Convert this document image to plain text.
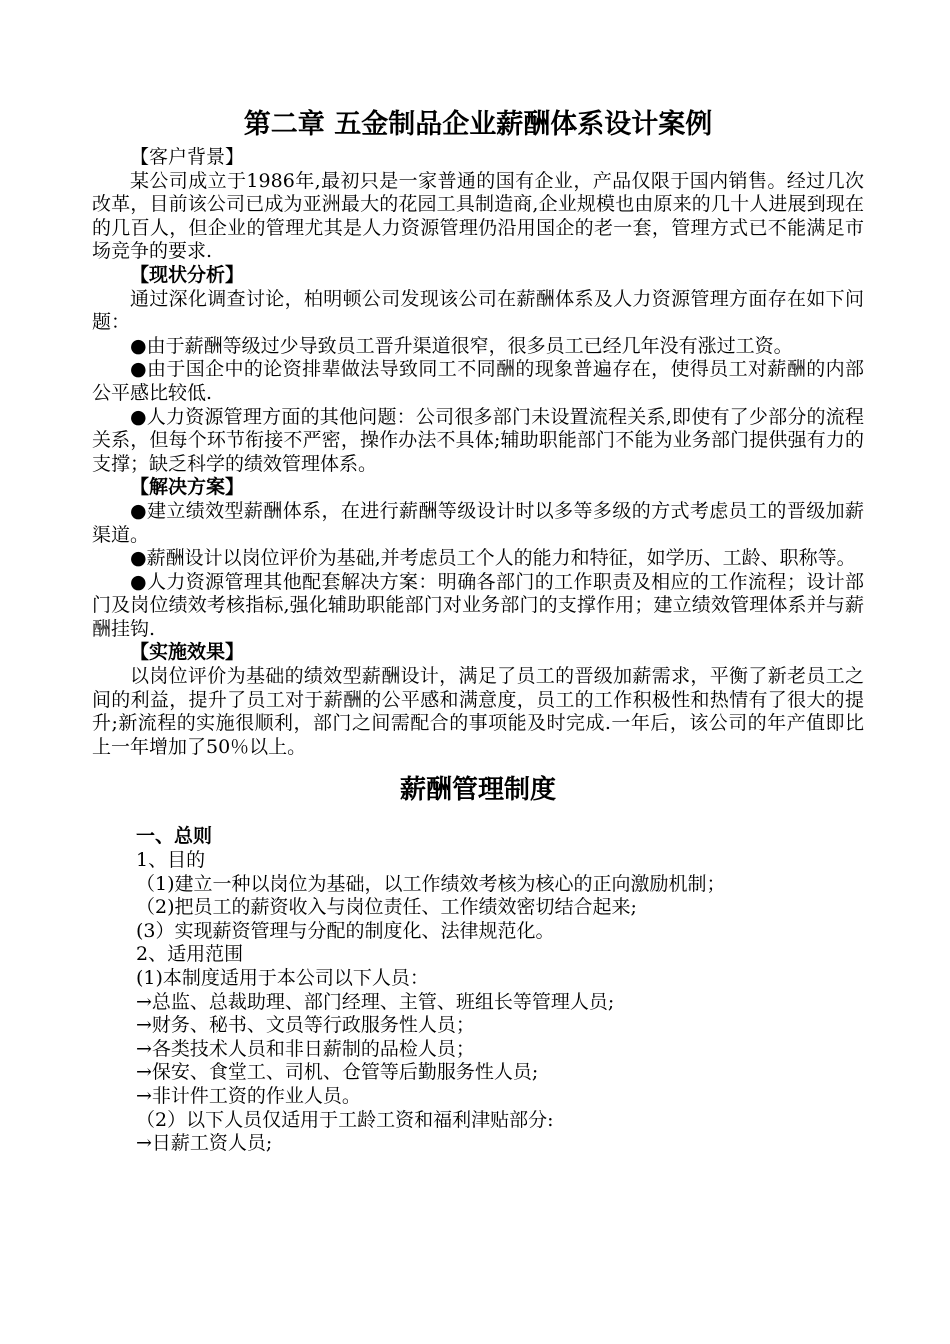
第二章 五金制品企业薪酬体系设计案例

【客户背景】

某公司成立于1986年,最初只是一家普通的国有企业，产品仅限于国内销售。经过几次改革，目前该公司已成为亚洲最大的花园工具制造商,企业规模也由原来的几十人进展到现在的几百人，但企业的管理尤其是人力资源管理仍沿用国企的老一套，管理方式已不能满足市场竞争的要求.

【现状分析】

通过深化调查讨论，柏明顿公司发现该公司在薪酬体系及人力资源管理方面存在如下问题：

●由于薪酬等级过少导致员工晋升渠道很窄，很多员工已经几年没有涨过工资。

●由于国企中的论资排辈做法导致同工不同酬的现象普遍存在，使得员工对薪酬的内部公平感比较低.

●人力资源管理方面的其他问题：公司很多部门未设置流程关系,即使有了少部分的流程关系，但每个环节衔接不严密，操作办法不具体;辅助职能部门不能为业务部门提供强有力的支撑；缺乏科学的绩效管理体系。

【解决方案】

●建立绩效型薪酬体系，在进行薪酬等级设计时以多等多级的方式考虑员工的晋级加薪渠道。

●薪酬设计以岗位评价为基础,并考虑员工个人的能力和特征，如学历、工龄、职称等。

●人力资源管理其他配套解决方案：明确各部门的工作职责及相应的工作流程；设计部门及岗位绩效考核指标,强化辅助职能部门对业务部门的支撑作用；建立绩效管理体系并与薪酬挂钩.

【实施效果】

以岗位评价为基础的绩效型薪酬设计，满足了员工的晋级加薪需求，平衡了新老员工之间的利益，提升了员工对于薪酬的公平感和满意度，员工的工作积极性和热情有了很大的提升;新流程的实施很顺利，部门之间需配合的事项能及时完成.一年后，该公司的年产值即比上一年增加了50％以上。

薪酬管理制度

一、总则

1、目的

（1)建立一种以岗位为基础，以工作绩效考核为核心的正向激励机制；

（2)把员工的薪资收入与岗位责任、工作绩效密切结合起来;

(3）实现薪资管理与分配的制度化、法律规范化。

2、适用范围

(1)本制度适用于本公司以下人员：

→总监、总裁助理、部门经理、主管、班组长等管理人员;

→财务、秘书、文员等行政服务性人员；

→各类技术人员和非日薪制的品检人员；

→保安、食堂工、司机、仓管等后勤服务性人员;

→非计件工资的作业人员。

（2）以下人员仅适用于工龄工资和福利津贴部分:

→日薪工资人员;
